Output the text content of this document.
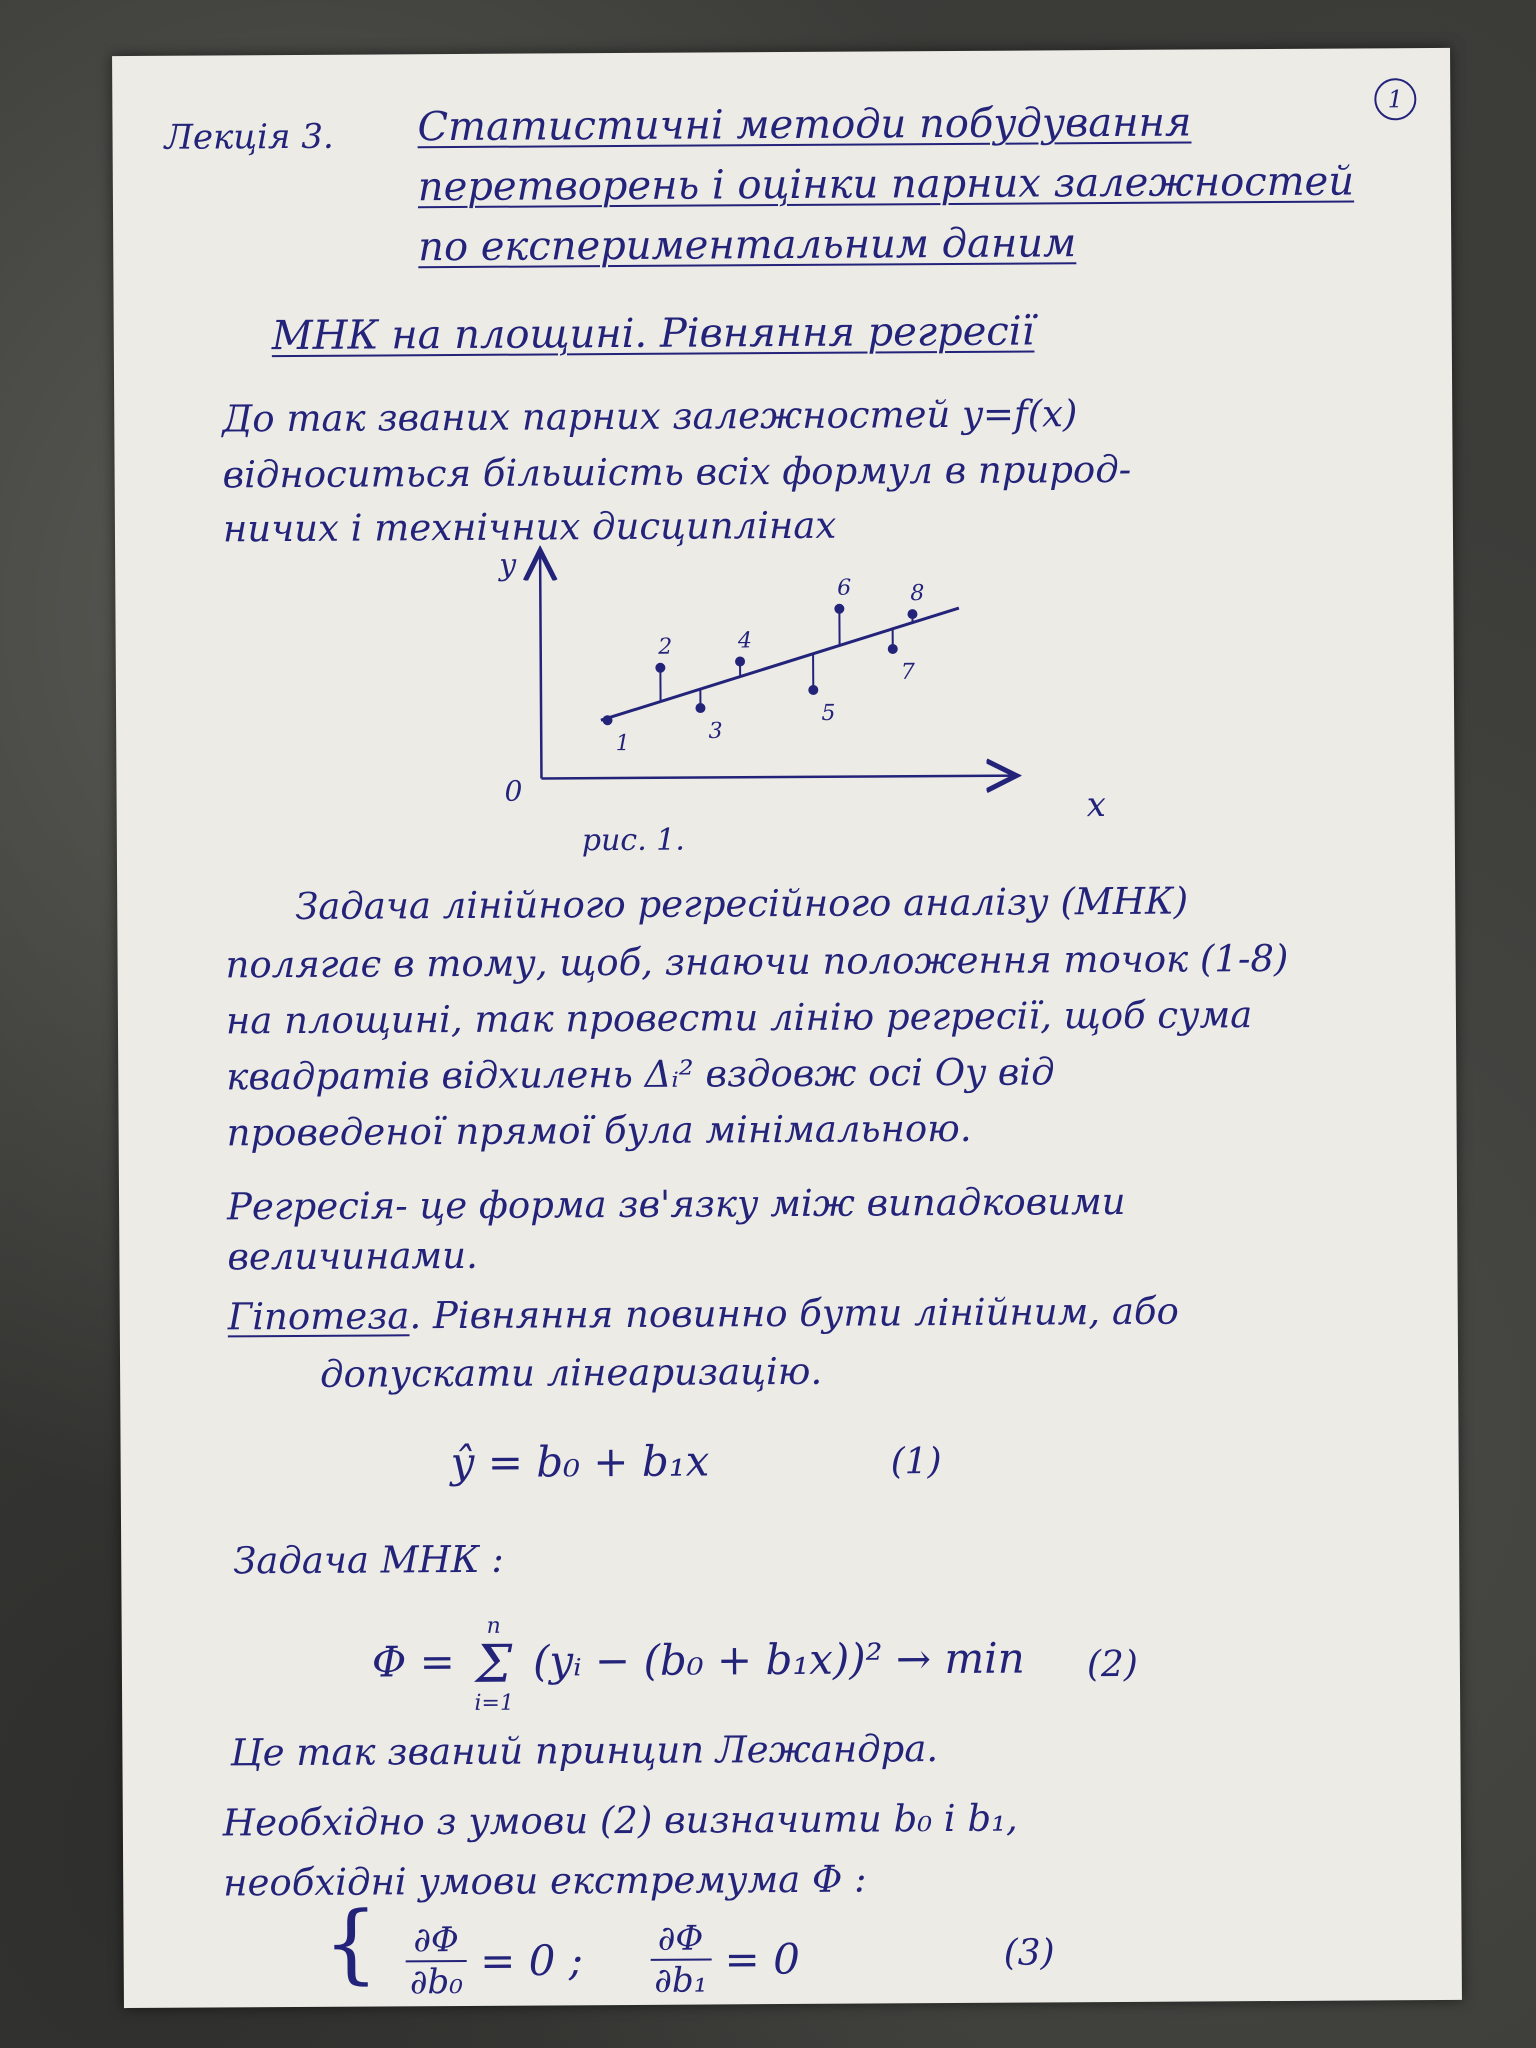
1
Лекція 3. Статистичні методи побудування
перетворень і оцінки парних залежностей
по експериментальним даним
МНК на площині. Рівняння регресії
До так званих парних залежностей y=f(x)
відноситься більшість всіх формул в природ-
ничих і технічних дисциплінах
y
0
1
2
3
4
5
6
7
8
x
рис. 1.
Задача лінійного регресійного аналізу (МНК)
полягає в тому, щоб, знаючи положення точок (1-8)
на площині, так провести лінію регресії, щоб сума
квадратів відхилень Δᵢ² вздовж осі Oy від
проведеної прямої була мінімальною.
Регресія- це форма зв'язку між випадковими
величинами.
Гіпотеза. Рівняння повинно бути лінійним, або
допускати лінеаризацію.
ŷ = b₀ + b₁x	(1)
Задача МНК :
Φ =
n
Σ
i=1
(yᵢ − (b₀ + b₁x))² → min (2)
Це так званий принцип Лежандра.
Необхідно з умови (2) визначити b₀ і b₁,
необхідні умови екстремума Φ :
{ $\frac{\partial\Phi}{\text{∂b₀}} = 0$ ; $\frac{\partial\Phi}{\text{∂b₁}} = 0$	(3)
